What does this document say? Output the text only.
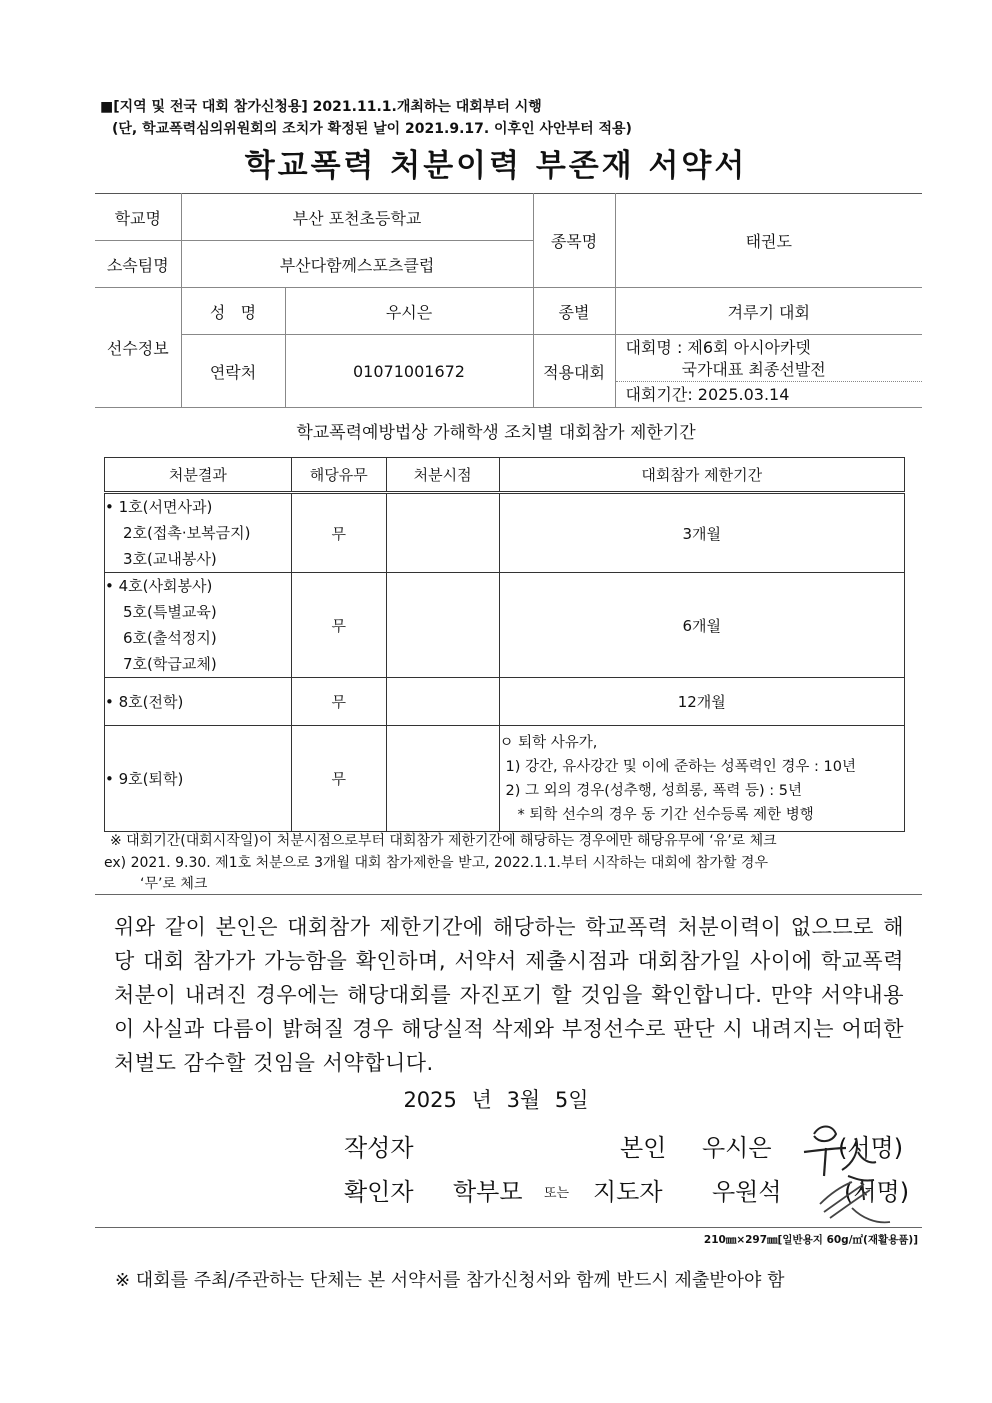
■[지역 및 전국 대회 참가신청용] 2021.11.1.개최하는 대회부터 시행
(단, 학교폭력심의위원회의 조치가 확정된 날이 2021.9.17. 이후인 사안부터 적용)
학교폭력 처분이력 부존재 서약서
학교명	부산 포천초등학교		종목명	태권도
소속팀명	부산다함께스포츠클럽			
선수정보	성   명	우시은	종별	겨루기 대회
	연락처	01071001672	적용대회	대회명 : 제6회 아시아카뎃
국가대표 최종선발전
대회기간: 2025.03.14
학교폭력예방법상 가해학생 조치별 대회참가 제한기간
처분결과	해당유무	처분시점	대회참가 제한기간

• 1호(서면사과)
2호(접촉·보복금지)
3호(교내봉사)	무		3개월

• 4호(사회봉사)
5호(특별교육)
6호(출석정지)
7호(학급교체)	무		6개월

• 8호(전학)	무		12개월

• 9호(퇴학)	무		ㅇ 퇴학 사유가,
1) 강간, 유사강간 및 이에 준하는 성폭력인 경우 : 10년
2) 그 외의 경우(성추행, 성희롱, 폭력 등) : 5년
* 퇴학 선수의 경우 동 기간 선수등록 제한 병행
※ 대회기간(대회시작일)이 처분시점으로부터 대회참가 제한기간에 해당하는 경우에만 해당유무에 ‘유’로 체크
ex) 2021. 9.30. 제1호 처분으로 3개월 대회 참가제한을 받고, 2022.1.1.부터 시작하는 대회에 참가할 경우
‘무’로 체크
위와 같이 본인은 대회참가 제한기간에 해당하는 학교폭력 처분이력이 없으므로 해당 대회 참가가 가능함을 확인하며, 서약서 제출시점과 대회참가일 사이에 학교폭력 처분이 내려진 경우에는 해당대회를 자진포기 할 것임을 확인합니다. 만약 서약내용이 사실과 다름이 밝혀질 경우 해당실적 삭제와 부정선수로 판단 시 내려지는 어떠한 처벌도 감수할 것임을 서약합니다.
2025 년 3월 5일
작성자	본인 우시은	(서명)
확인자 학부모 또는 지도자 우원석	(서명)
210㎜×297㎜[일반용지 60g/㎡(재활용품)]
※ 대회를 주최/주관하는 단체는 본 서약서를 참가신청서와 함께 반드시 제출받아야 함
